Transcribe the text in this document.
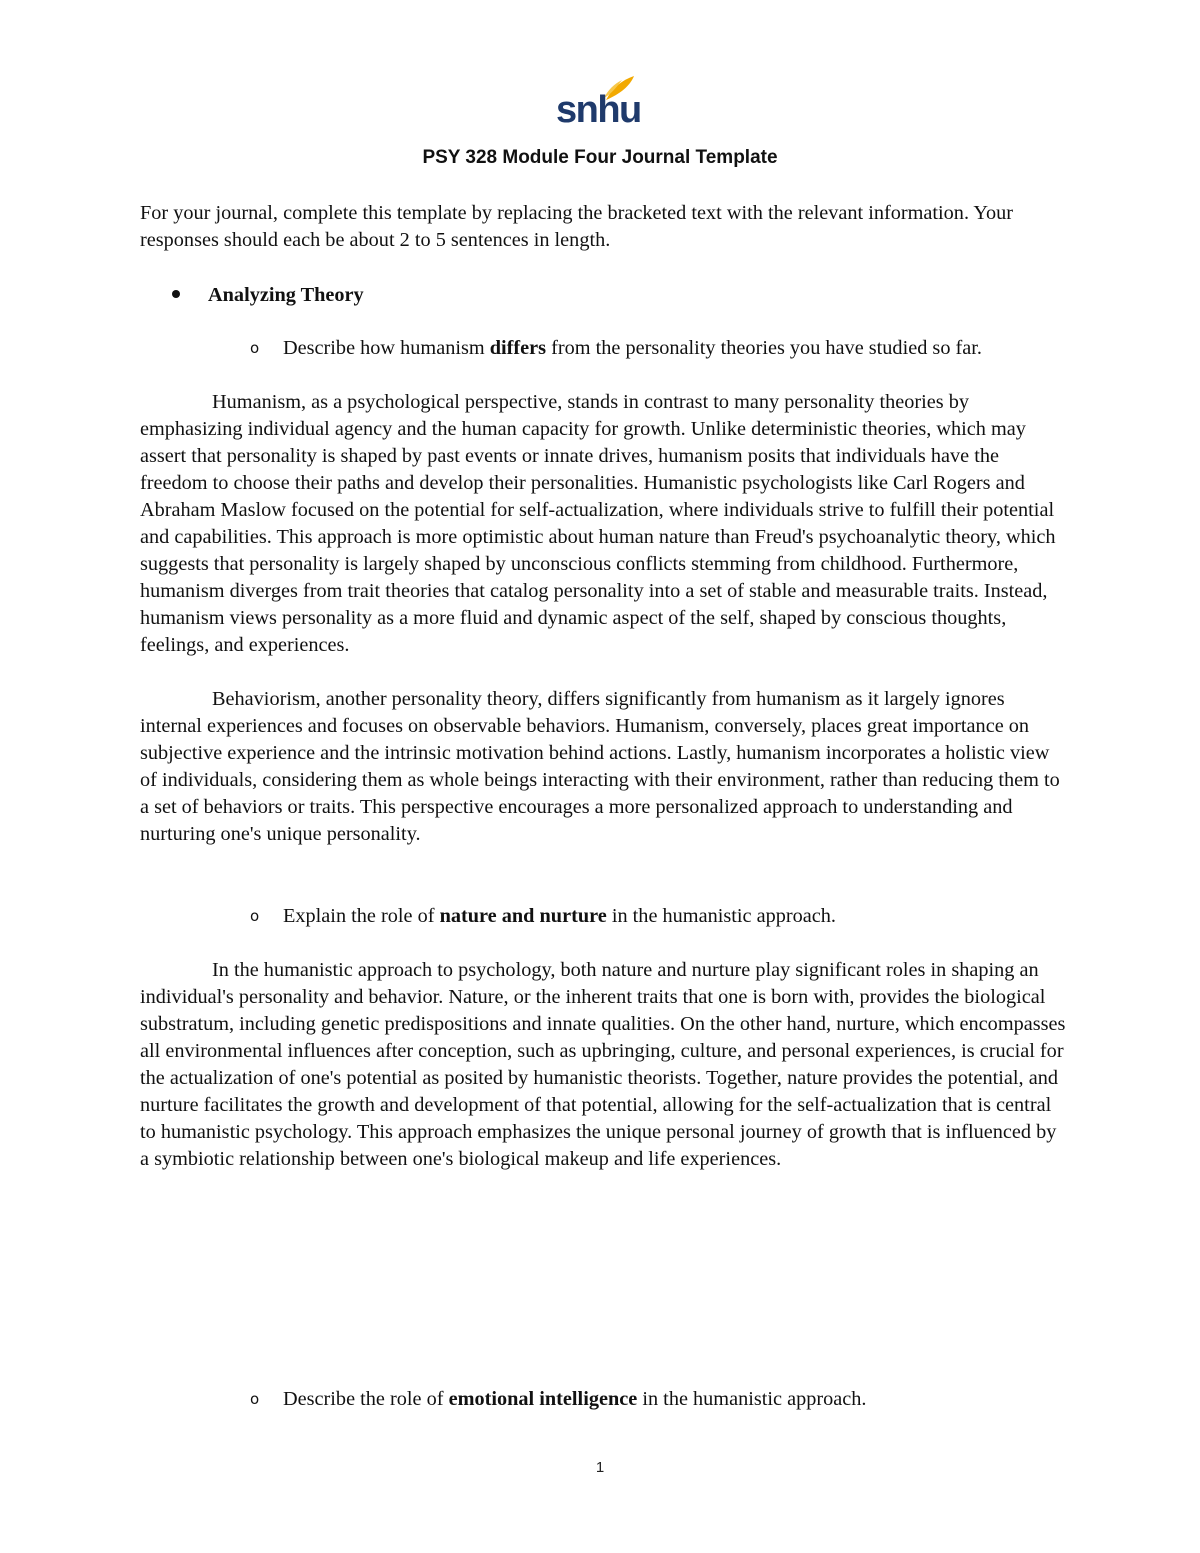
snhu
PSY 328 Module Four Journal Template

For your journal, complete this template by replacing the bracketed text with the relevant information. Your responses should each be about 2 to 5 sentences in length.

Analyzing Theory
o Describe how humanism differs from the personality theories you have studied so far.

Humanism, as a psychological perspective, stands in contrast to many personality theories by emphasizing individual agency and the human capacity for growth. Unlike deterministic theories, which may assert that personality is shaped by past events or innate drives, humanism posits that individuals have the freedom to choose their paths and develop their personalities. Humanistic psychologists like Carl Rogers and Abraham Maslow focused on the potential for self-actualization, where individuals strive to fulfill their potential and capabilities. This approach is more optimistic about human nature than Freud's psychoanalytic theory, which suggests that personality is largely shaped by unconscious conflicts stemming from childhood. Furthermore, humanism diverges from trait theories that catalog personality into a set of stable and measurable traits. Instead, humanism views personality as a more fluid and dynamic aspect of the self, shaped by conscious thoughts, feelings, and experiences.

Behaviorism, another personality theory, differs significantly from humanism as it largely ignores internal experiences and focuses on observable behaviors. Humanism, conversely, places great importance on subjective experience and the intrinsic motivation behind actions. Lastly, humanism incorporates a holistic view of individuals, considering them as whole beings interacting with their environment, rather than reducing them to a set of behaviors or traits. This perspective encourages a more personalized approach to understanding and nurturing one's unique personality.

o Explain the role of nature and nurture in the humanistic approach.

In the humanistic approach to psychology, both nature and nurture play significant roles in shaping an individual's personality and behavior. Nature, or the inherent traits that one is born with, provides the biological substratum, including genetic predispositions and innate qualities. On the other hand, nurture, which encompasses all environmental influences after conception, such as upbringing, culture, and personal experiences, is crucial for the actualization of one's potential as posited by humanistic theorists. Together, nature provides the potential, and nurture facilitates the growth and development of that potential, allowing for the self-actualization that is central to humanistic psychology. This approach emphasizes the unique personal journey of growth that is influenced by a symbiotic relationship between one's biological makeup and life experiences.

o Describe the role of emotional intelligence in the humanistic approach.
1
